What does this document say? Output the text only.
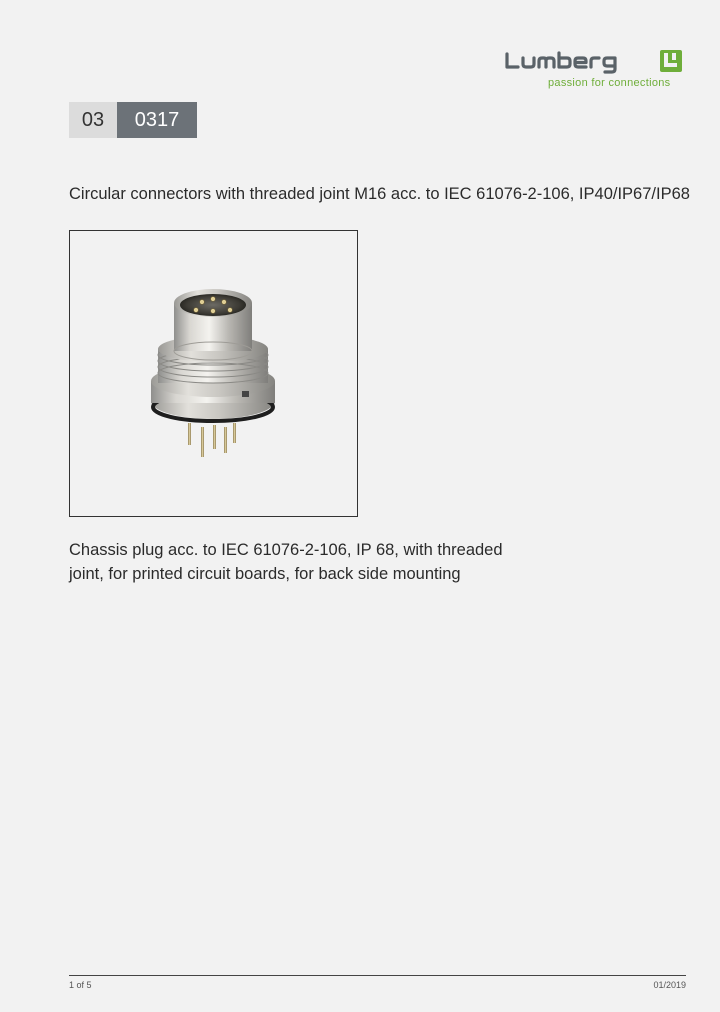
passion for connections
03	0317
Circular connectors with threaded joint M16 acc. to IEC 61076-2-106, IP40/IP67/IP68
Chassis plug acc. to IEC 61076-2-106, IP 68, with threaded joint, for printed circuit boards, for back side mounting
1 of 5	01/2019
